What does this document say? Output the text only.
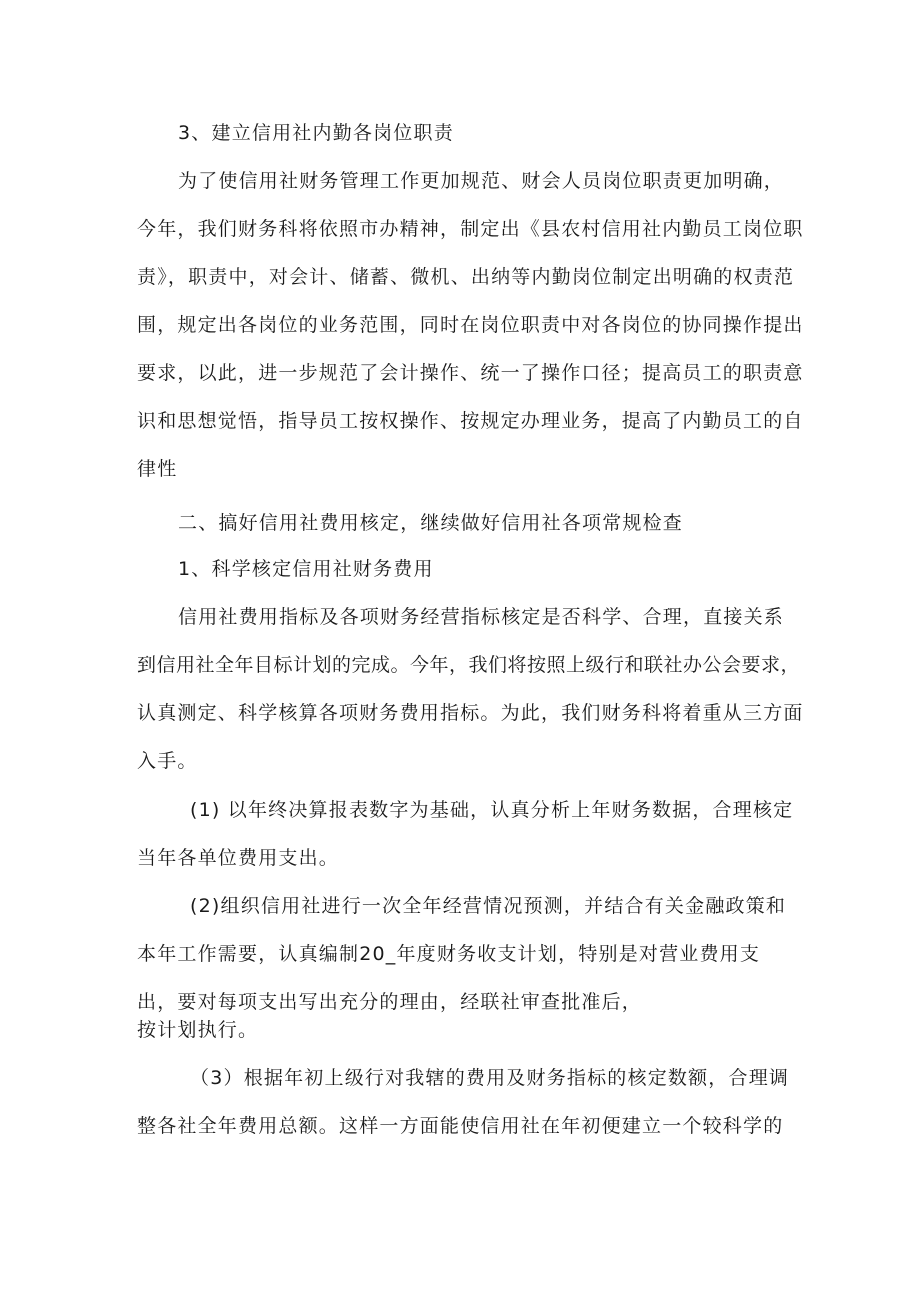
3、建立信用社内勤各岗位职责
为了使信用社财务管理工作更加规范、财会人员岗位职责更加明确，
今年，我们财务科将依照市办精神，制定出《县农村信用社内勤员工岗位职
责》，职责中，对会计、储蓄、微机、出纳等内勤岗位制定出明确的权责范
围，规定出各岗位的业务范围，同时在岗位职责中对各岗位的协同操作提出
要求，以此，进一步规范了会计操作、统一了操作口径；提高员工的职责意
识和思想觉悟，指导员工按权操作、按规定办理业务，提高了内勤员工的自
律性
二、搞好信用社费用核定，继续做好信用社各项常规检查
1、科学核定信用社财务费用
信用社费用指标及各项财务经营指标核定是否科学、合理，直接关系
到信用社全年目标计划的完成。今年，我们将按照上级行和联社办公会要求，
认真测定、科学核算各项财务费用指标。为此，我们财务科将着重从三方面
入手。
(1) 以年终决算报表数字为基础，认真分析上年财务数据，合理核定
当年各单位费用支出。
(2)组织信用社进行一次全年经营情况预测，并结合有关金融政策和
本年工作需要，认真编制20_年度财务收支计划，特别是对营业费用支
出，要对每项支出写出充分的理由，经联社审查批准后，
按计划执行。
（3）根据年初上级行对我辖的费用及财务指标的核定数额，合理调
整各社全年费用总额。这样一方面能使信用社在年初便建立一个较科学的
